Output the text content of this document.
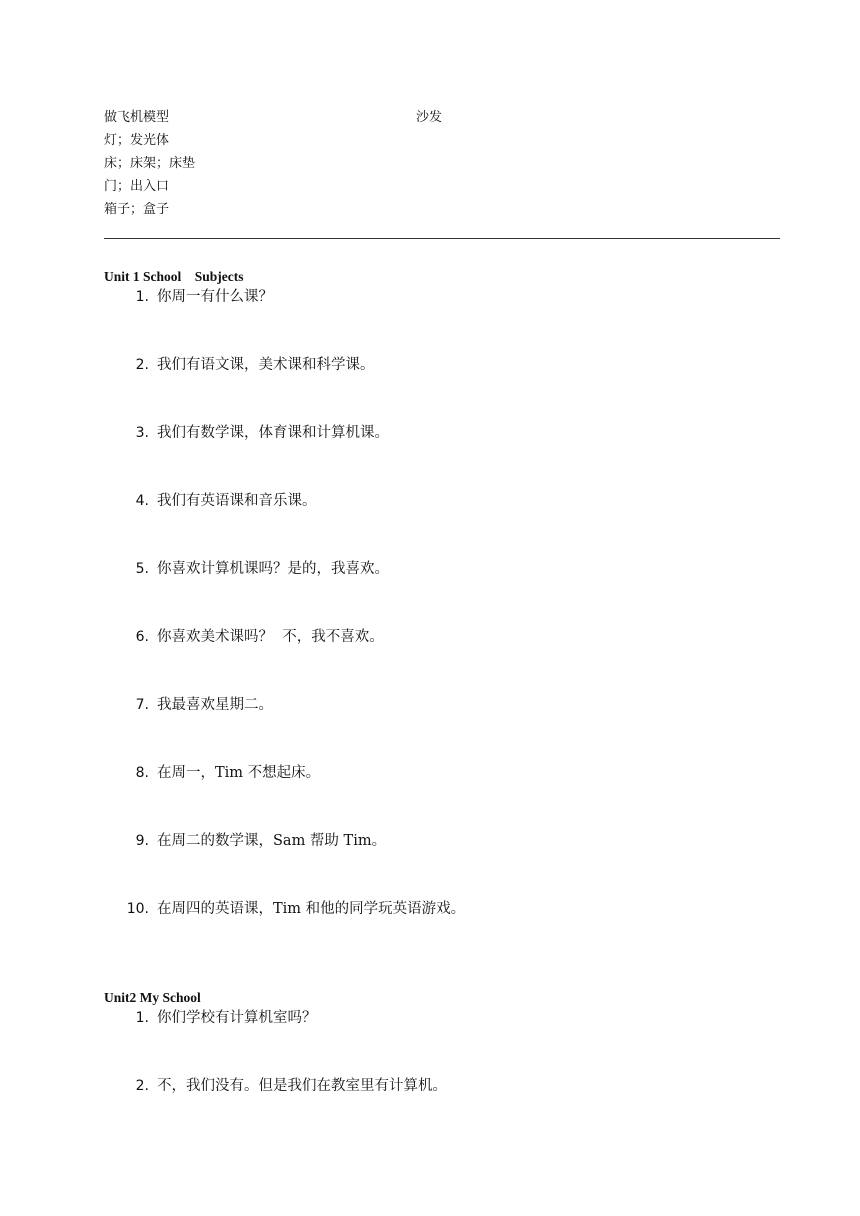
做飞机模型	沙发
灯；发光体
床；床架；床垫
门；出入口
箱子；盒子
Unit 1 School    Subjects
1. 你周一有什么课？
2. 我们有语文课，美术课和科学课。
3. 我们有数学课，体育课和计算机课。
4. 我们有英语课和音乐课。
5. 你喜欢计算机课吗？是的，我喜欢。
6. 你喜欢美术课吗？  不，我不喜欢。
7. 我最喜欢星期二。
8. 在周一，Tim 不想起床。
9. 在周二的数学课，Sam 帮助 Tim。
10. 在周四的英语课，Tim 和他的同学玩英语游戏。
Unit2 My School
1. 你们学校有计算机室吗？
2. 不，我们没有。但是我们在教室里有计算机。
